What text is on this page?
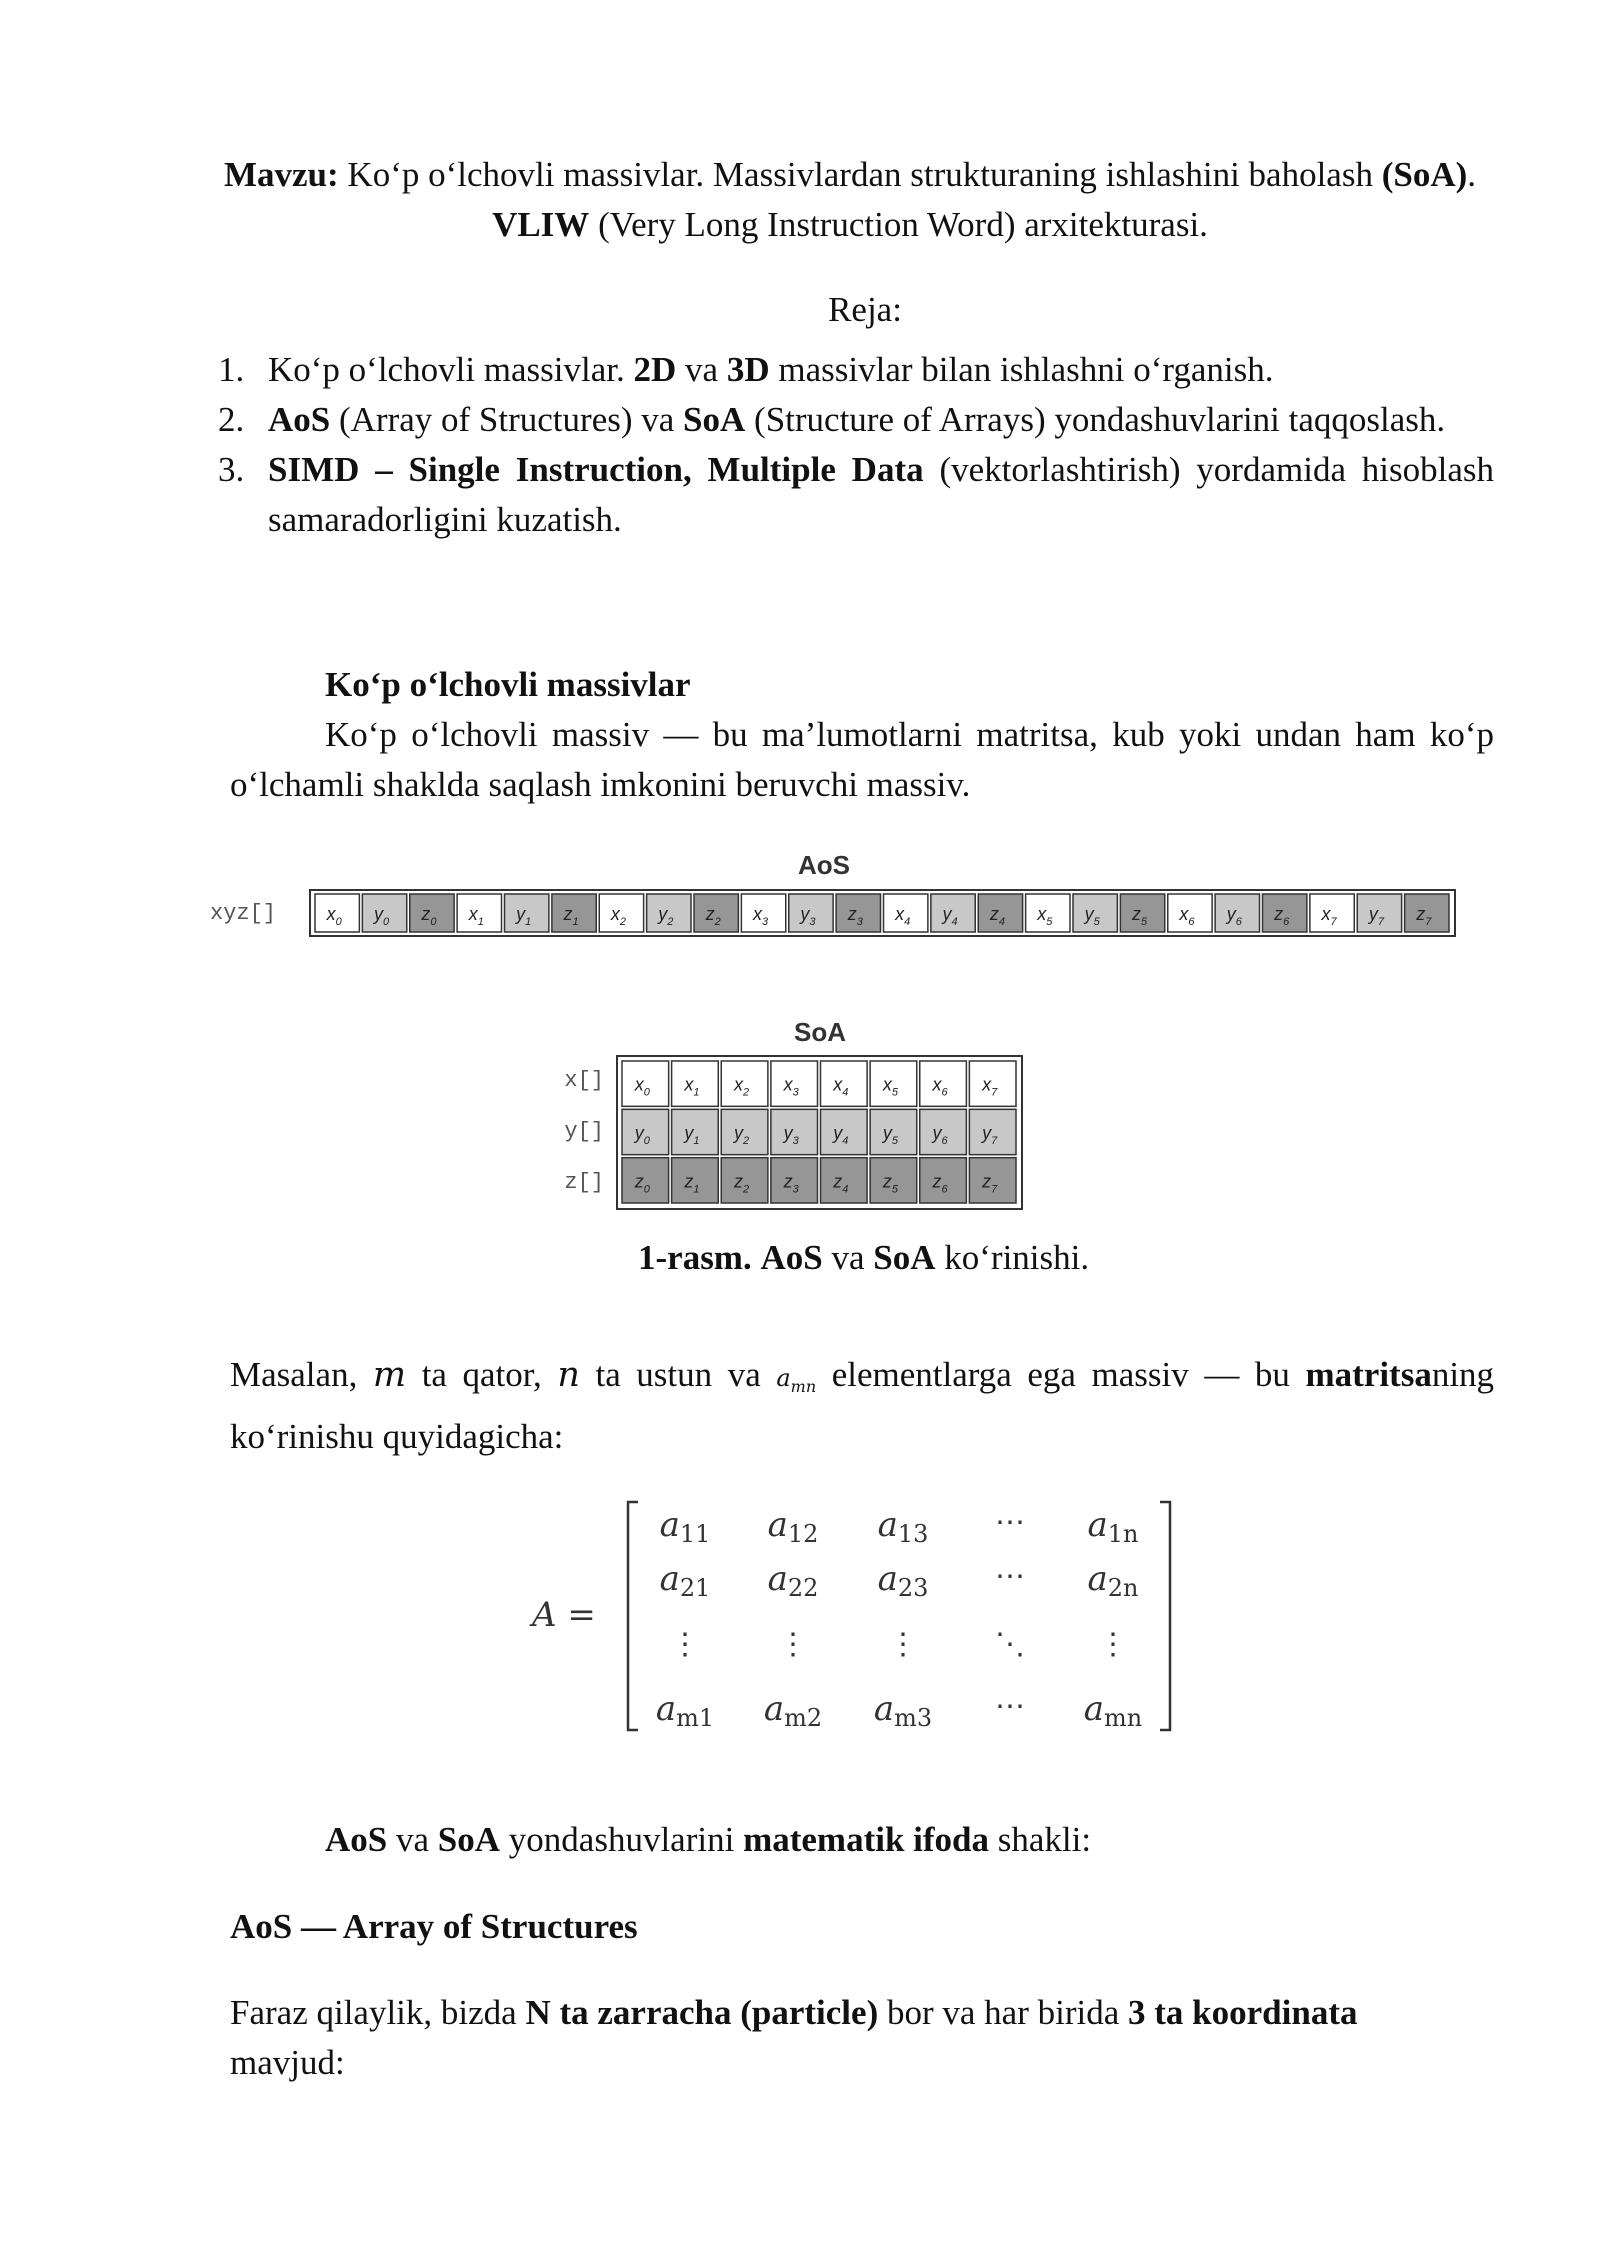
Mavzu: Ko‘p o‘lchovli massivlar. Massivlardan strukturaning ishlashini baholash (SoA). VLIW (Very Long Instruction Word) arxitekturasi.

Reja:

1. Ko‘p o‘lchovli massivlar. 2D va 3D massivlar bilan ishlashni o‘rganish.
2. AoS (Array of Structures) va SoA (Structure of Arrays) yondashuvlarini taqqoslash.
3. SIMD – Single Instruction, Multiple Data (vektorlashtirish) yordamida hisoblash samaradorligini kuzatish.

Ko‘p o‘lchovli massivlar

Ko‘p o‘lchovli massiv — bu ma’lumotlarni matritsa, kub yoki undan ham ko‘p o‘lchamli shaklda saqlash imkonini beruvchi massiv.

AoS
xyz[]	$x_0$ $y_0$ $z_0$ $x_1$ $y_1$ $z_1$ $x_2$ $y_2$ $z_2$ $x_3$ $y_3$ $z_3$ $x_4$ $y_4$ $z_4$ $x_5$ $y_5$ $z_5$ $x_6$ $y_6$ $z_6$ $x_7$ $y_7$ $z_7$
SoA
x[]
y[]
z[]
$x_0$ $x_1$ $x_2$ $x_3$ $x_4$ $x_5$ $x_6$ $x_7$
$y_0$ $y_1$ $y_2$ $y_3$ $y_4$ $y_5$ $y_6$ $y_7$
$z_0$ $z_1$ $z_2$ $z_3$ $z_4$ $z_5$ $z_6$ $z_7$

1-rasm. AoS va SoA ko‘rinishi.

Masalan, m ta qator, n ta ustun va $a_{mn}$ elementlarga ega massiv — bu matritsaning ko‘rinishu quyidagicha:

A =
a11 a12 a13 ⋯ a1n
a21 a22 a23 ⋯ a2n
⋮	⋮	⋮	⋱ ⋮
am1 am2 am3 ⋯ amn

AoS va SoA yondashuvlarini matematik ifoda shakli:

AoS — Array of Structures

Faraz qilaylik, bizda N ta zarracha (particle) bor va har birida 3 ta koordinata
mavjud:
